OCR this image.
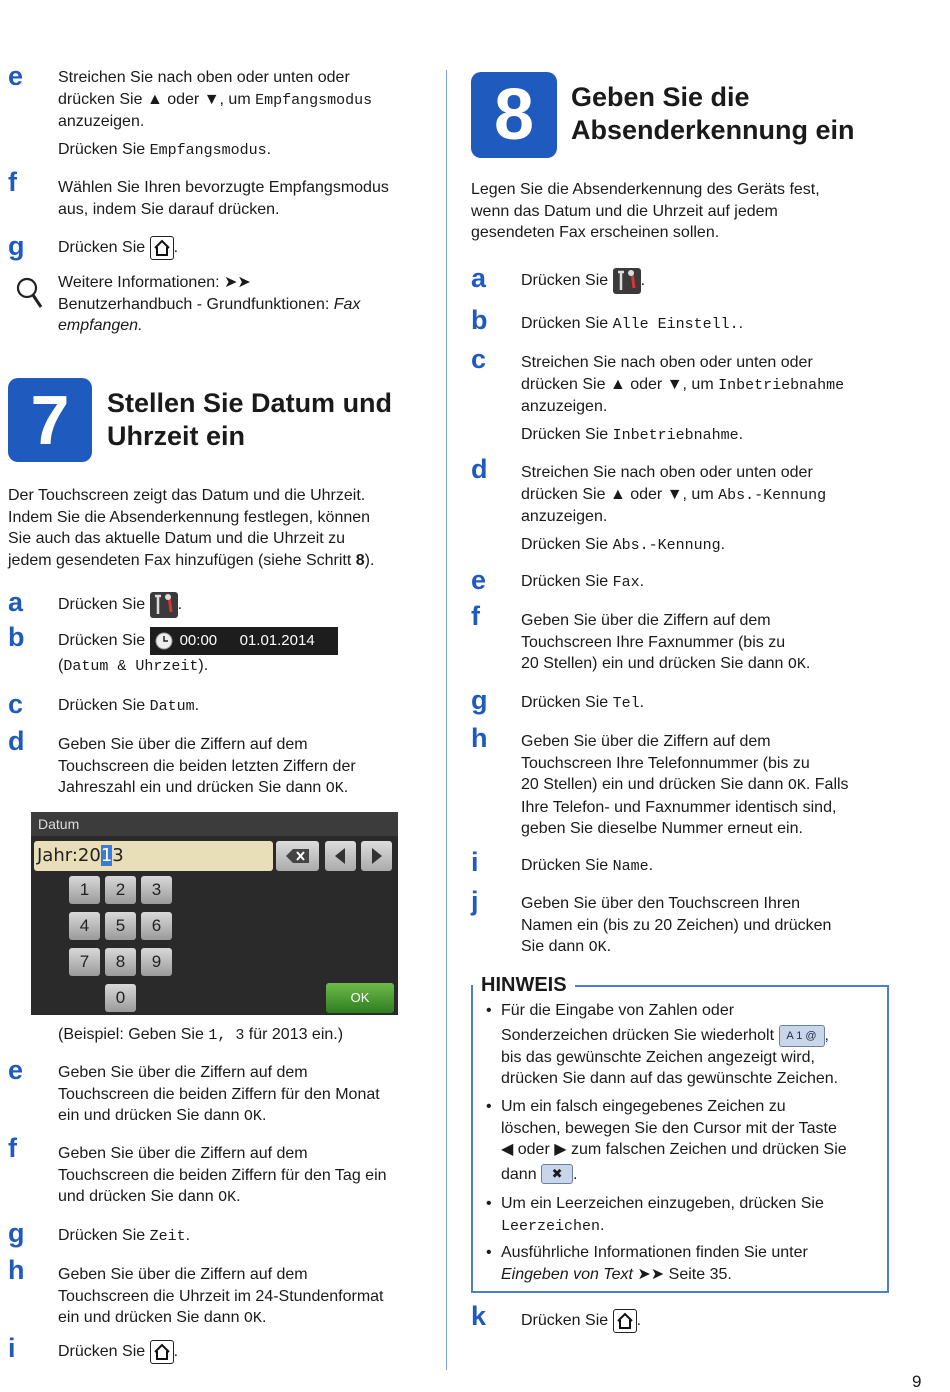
e Streichen Sie nach oben oder unten oder
drücken Sie ▲ oder ▼, um Empfangsmodus
anzuzeigen.
Drücken Sie Empfangsmodus.
f	Wählen Sie Ihren bevorzugte Empfangsmodus
aus, indem Sie darauf drücken.
g Drücken Sie
.
Weitere Informationen: ➤➤
Benutzerhandbuch - Grundfunktionen: Fax
empfangen.
7	Stellen Sie Datum und
Uhrzeit ein
Der Touchscreen zeigt das Datum und die Uhrzeit.
Indem Sie die Absenderkennung festlegen, können
Sie auch das aktuelle Datum und die Uhrzeit zu
jedem gesendeten Fax hinzufügen (siehe Schritt 8).
a Drücken Sie .
b Drücken Sie 00:00 01.01.2014
(Datum & Uhrzeit).
c Drücken Sie Datum.
d Geben Sie über die Ziffern auf dem
Touchscreen die beiden letzten Ziffern der
Jahreszahl ein und drücken Sie dann OK.
Datum
Jahr:2013
1	2	3
4	5	6
7	8	9
0	OK
(Beispiel: Geben Sie 1, 3 für 2013 ein.)
e Geben Sie über die Ziffern auf dem
Touchscreen die beiden Ziffern für den Monat
ein und drücken Sie dann OK.
f	Geben Sie über die Ziffern auf dem
Touchscreen die beiden Ziffern für den Tag ein
und drücken Sie dann OK.
g Drücken Sie Zeit.
h Geben Sie über die Ziffern auf dem
Touchscreen die Uhrzeit im 24-Stundenformat
ein und drücken Sie dann OK.
i	Drücken Sie
.
8	Geben Sie die
Absenderkennung ein
Legen Sie die Absenderkennung des Geräts fest,
wenn das Datum und die Uhrzeit auf jedem
gesendeten Fax erscheinen sollen.
a Drücken Sie .
b Drücken Sie Alle Einstell..
c Streichen Sie nach oben oder unten oder
drücken Sie ▲ oder ▼, um Inbetriebnahme
anzuzeigen.
Drücken Sie Inbetriebnahme.
d Streichen Sie nach oben oder unten oder
drücken Sie ▲ oder ▼, um Abs.-Kennung
anzuzeigen.
Drücken Sie Abs.-Kennung.
e Drücken Sie Fax.
f	Geben Sie über die Ziffern auf dem
Touchscreen Ihre Faxnummer (bis zu
20 Stellen) ein und drücken Sie dann OK.
g Drücken Sie Tel.
h Geben Sie über die Ziffern auf dem
Touchscreen Ihre Telefonnummer (bis zu
20 Stellen) ein und drücken Sie dann OK. Falls
Ihre Telefon- und Faxnummer identisch sind,
geben Sie dieselbe Nummer erneut ein.
i	Drücken Sie Name.
j	Geben Sie über den Touchscreen Ihren
Namen ein (bis zu 20 Zeichen) und drücken
Sie dann OK.
HINWEIS
• Für die Eingabe von Zahlen oder
Sonderzeichen drücken Sie wiederholt A 1 @ ,
bis das gewünschte Zeichen angezeigt wird,
drücken Sie dann auf das gewünschte Zeichen.
• Um ein falsch eingegebenes Zeichen zu
löschen, bewegen Sie den Cursor mit der Taste
◀ oder ▶ zum falschen Zeichen und drücken Sie
dann ✖ .
• Um ein Leerzeichen einzugeben, drücken Sie
Leerzeichen.
• Ausführliche Informationen finden Sie unter
Eingeben von Text ➤➤ Seite 35.
k Drücken Sie
.
9
